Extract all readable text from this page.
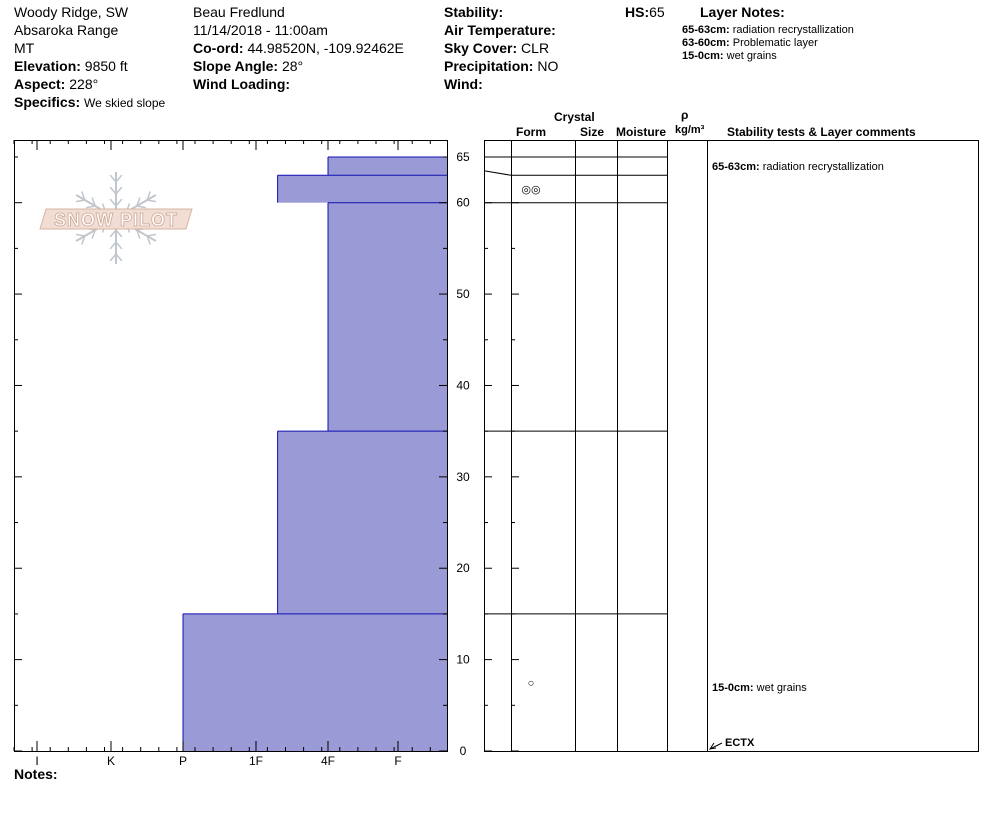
Woody Ridge, SW
Absaroka Range
MT
Elevation: 9850 ft
Aspect: 228°
Specifics: We skied slope
Beau Fredlund
11/14/2018 - 11:00am
Co-ord: 44.98520N, -109.92462E
Slope Angle: 28°
Wind Loading:
Stability:
Air Temperature:
Sky Cover: CLR
Precipitation: NO
Wind:
HS:65	Layer Notes:
65-63cm: radiation recrystallization
63-60cm: Problematic layer
15-0cm: wet grains
Crystal
Form	Size Moisture
ρ
kg/m³ Stability tests & Layer comments
Notes:
SNOW PILOT
I	K	P	1F	4F	F
0
10
20
30
40
50
60
65
◎◎
○
65-63cm: radiation recrystallization
15-0cm: wet grains
ECTX
